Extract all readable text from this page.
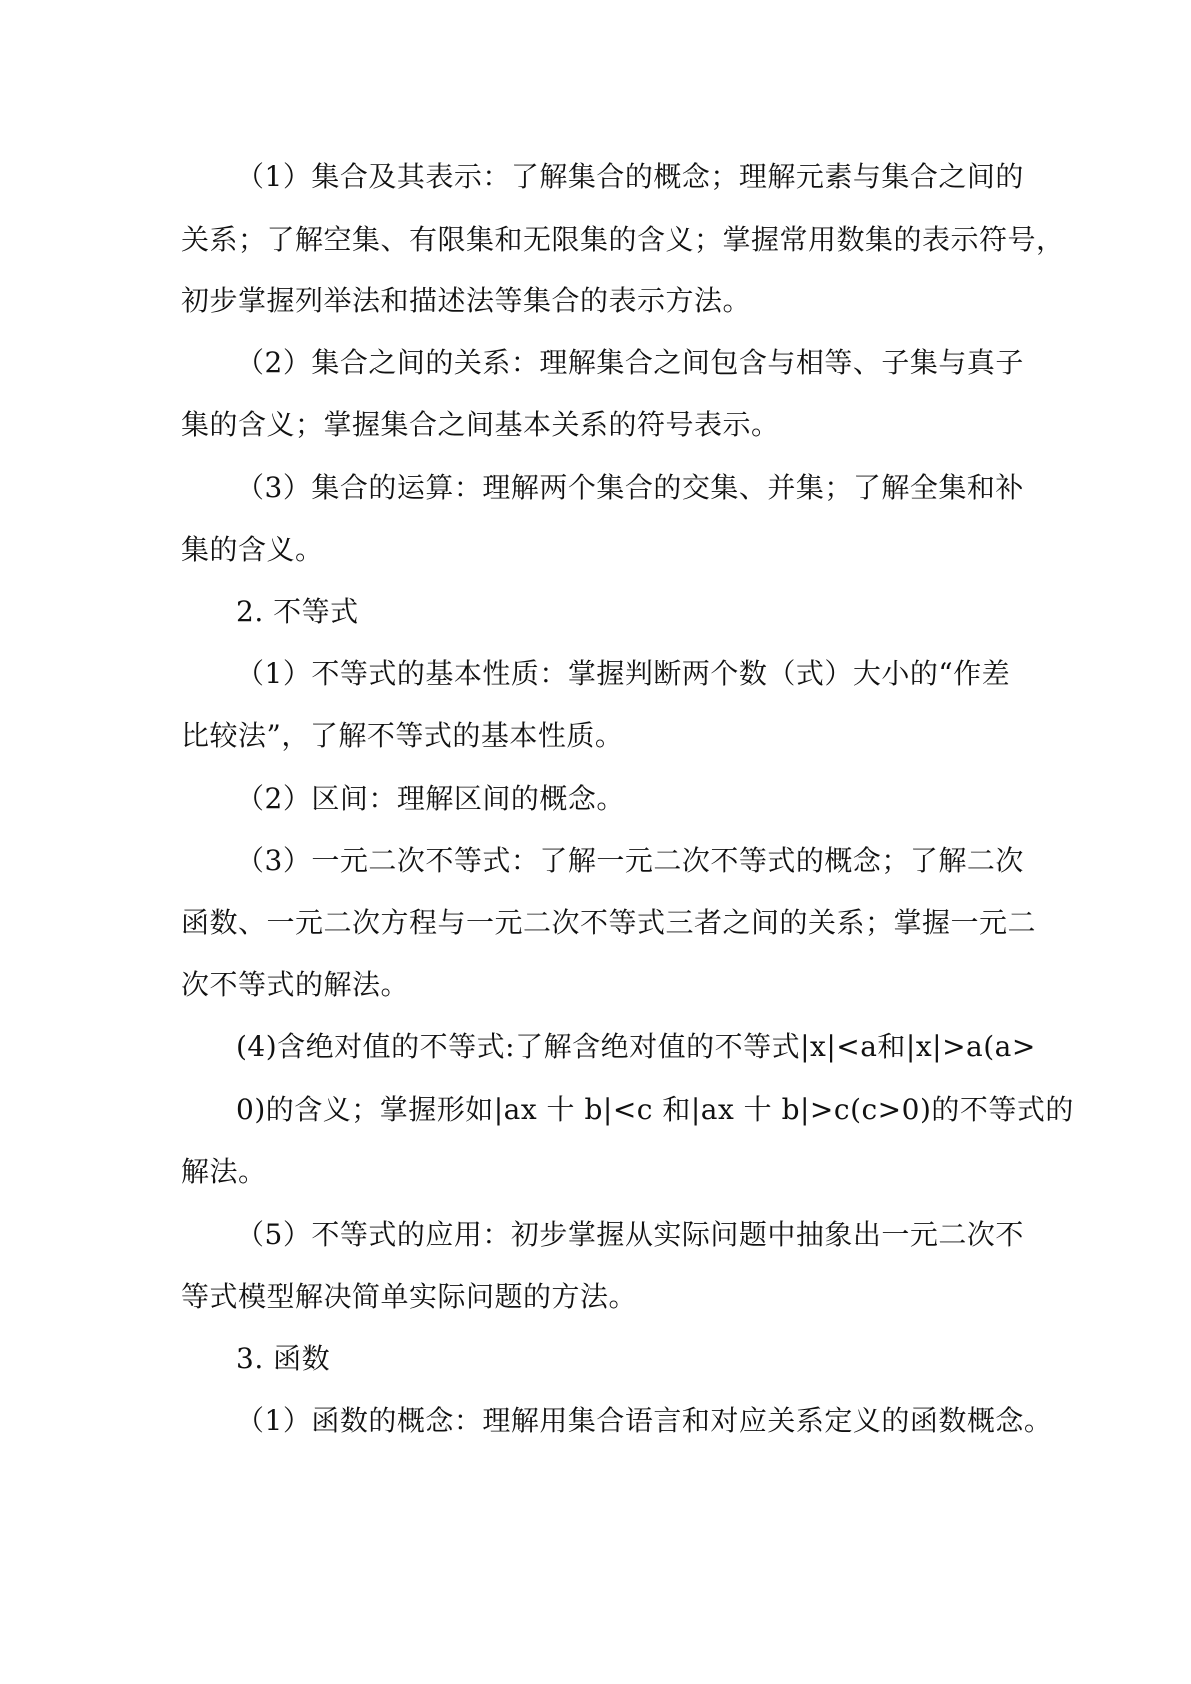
（1）集合及其表示：了解集合的概念；理解元素与集合之间的
关系；了解空集、有限集和无限集的含义；掌握常用数集的表示符号，
初步掌握列举法和描述法等集合的表示方法。
（2）集合之间的关系：理解集合之间包含与相等、子集与真子
集的含义；掌握集合之间基本关系的符号表示。
（3）集合的运算：理解两个集合的交集、并集；了解全集和补
集的含义。
2. 不等式
（1）不等式的基本性质：掌握判断两个数（式）大小的“作差
比较法”，了解不等式的基本性质。
（2）区间：理解区间的概念。
（3）一元二次不等式：了解一元二次不等式的概念；了解二次
函数、一元二次方程与一元二次不等式三者之间的关系；掌握一元二
次不等式的解法。
(4)含绝对值的不等式:了解含绝对值的不等式|x|<a和|x|>a(a>
0)的含义；掌握形如|ax 十 b|<c 和|ax 十 b|>c(c>0)的不等式的
解法。
（5）不等式的应用：初步掌握从实际问题中抽象出一元二次不
等式模型解决简单实际问题的方法。
3. 函数
（1）函数的概念：理解用集合语言和对应关系定义的函数概念。
